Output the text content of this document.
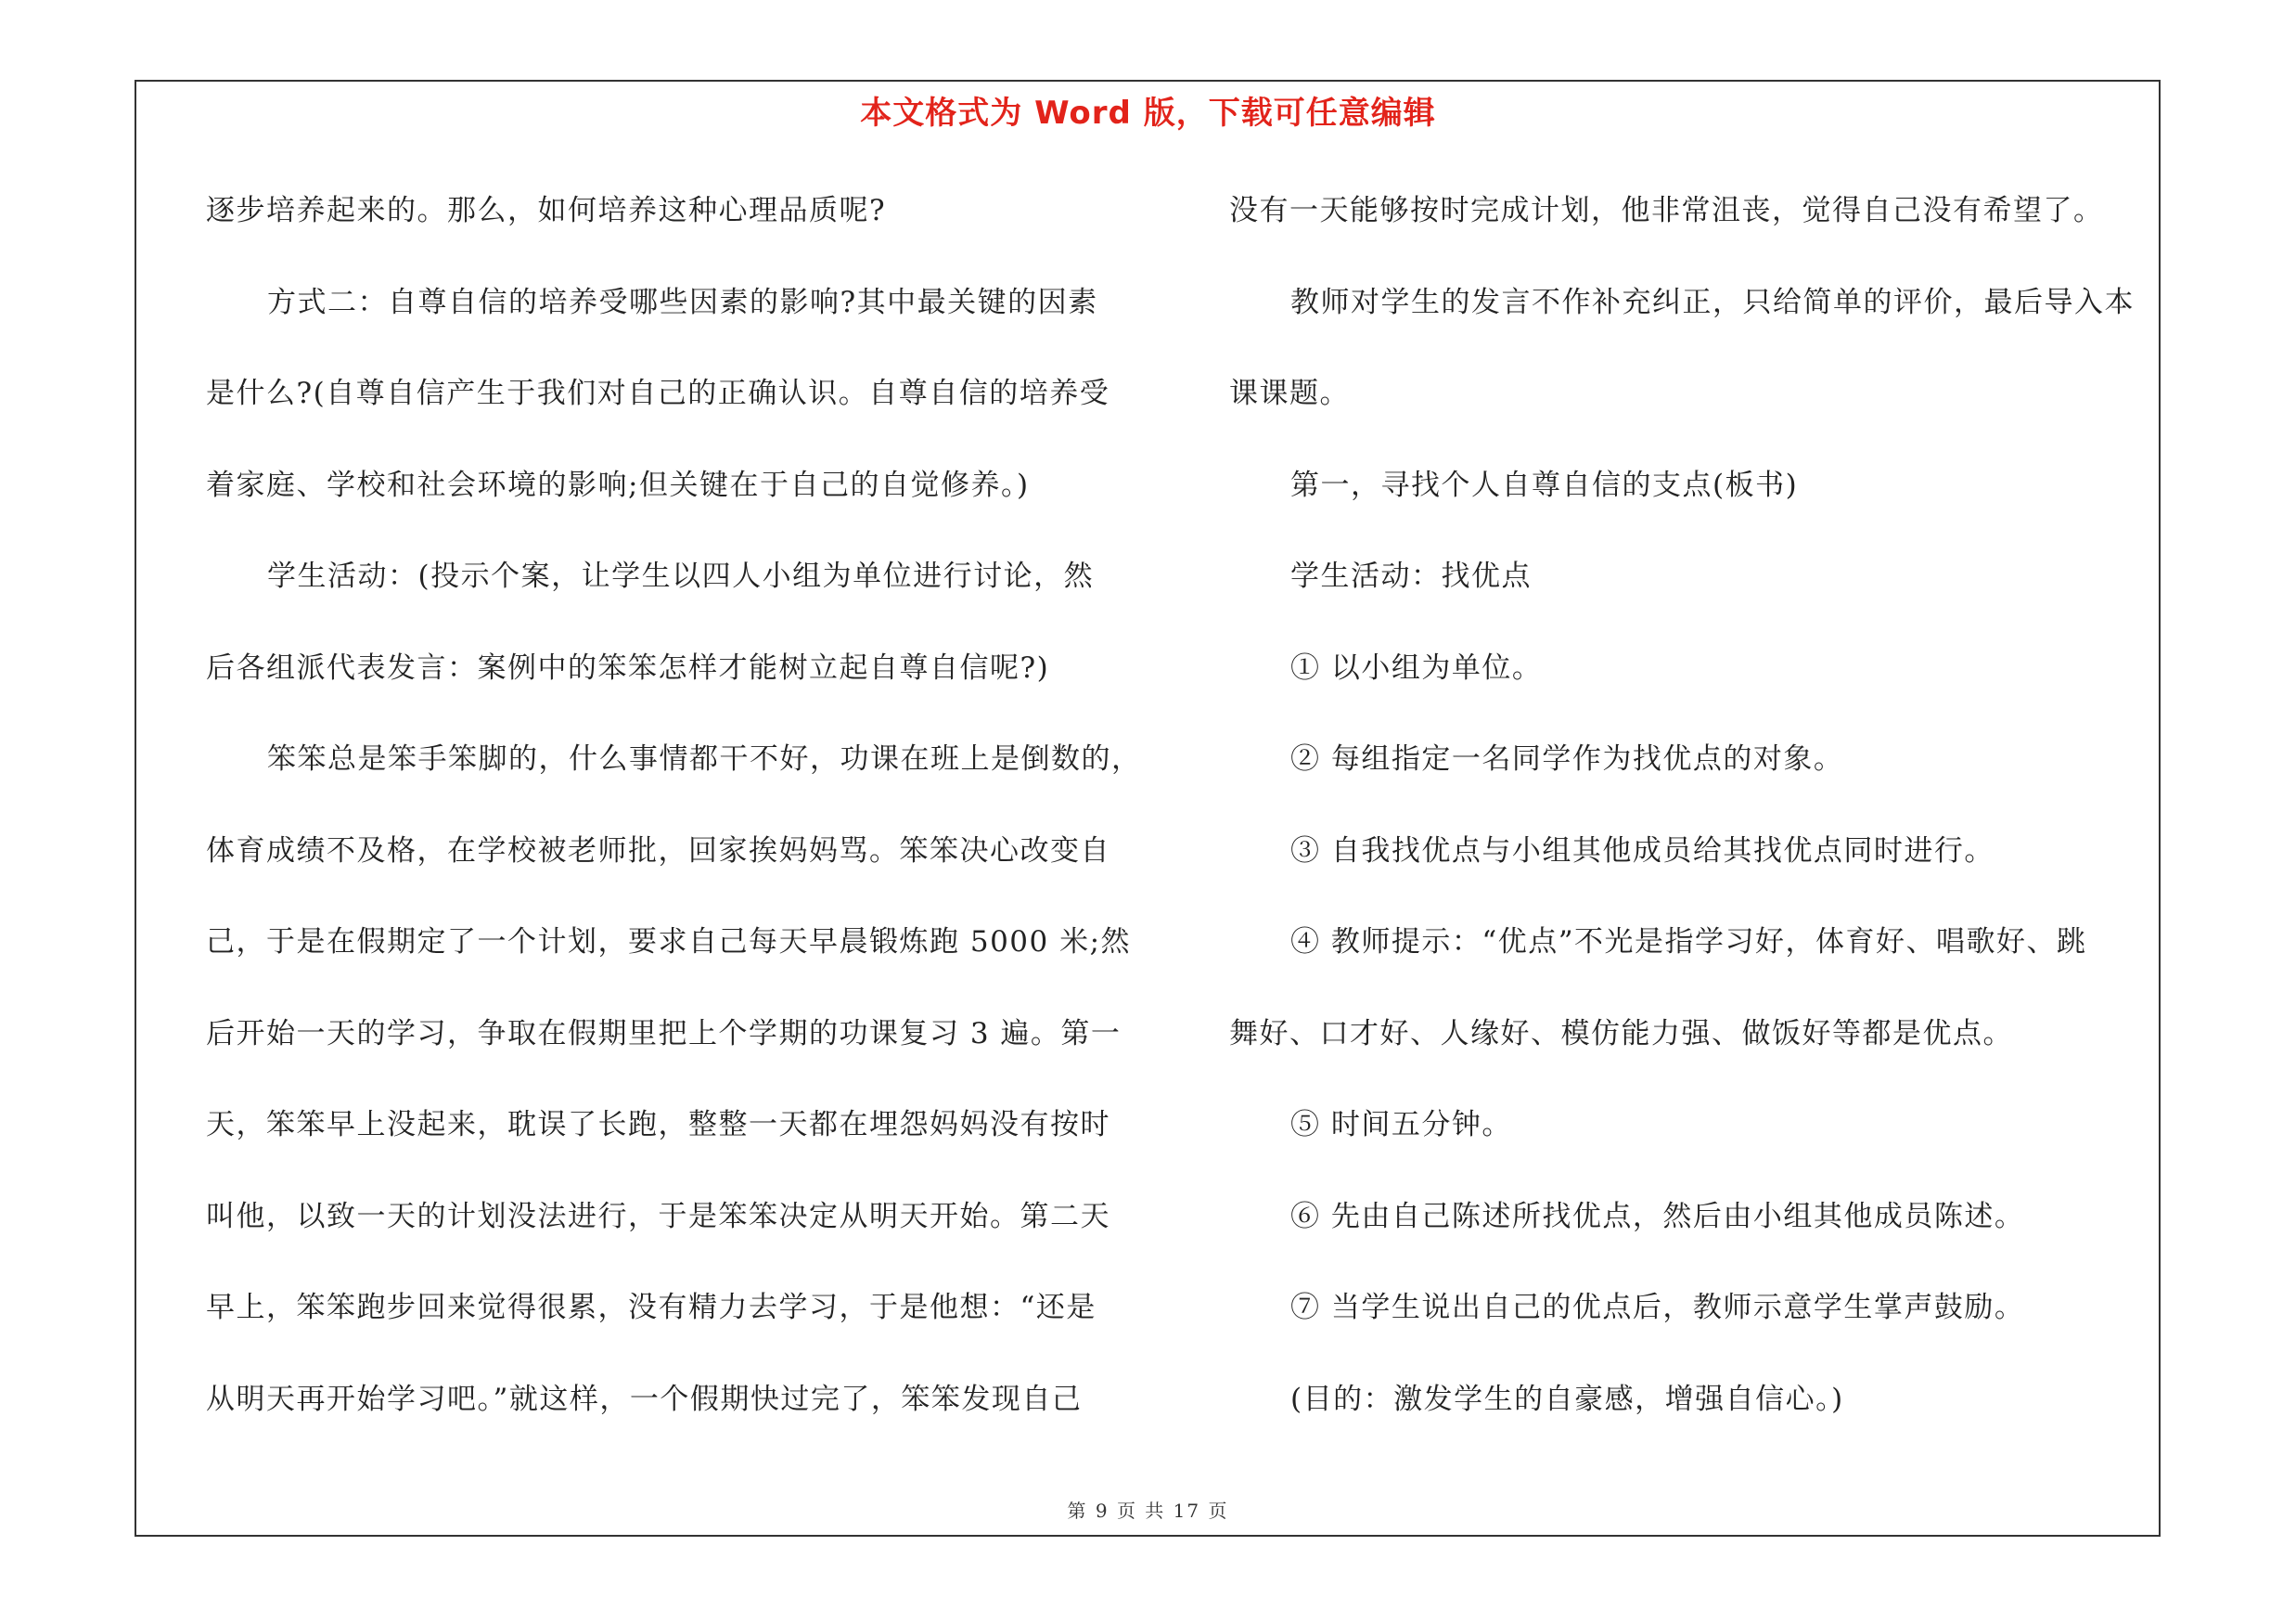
本文格式为 Word 版，下载可任意编辑

逐步培养起来的。那么，如何培养这种心理品质呢?

方式二：自尊自信的培养受哪些因素的影响?其中最关键的因素

是什么?(自尊自信产生于我们对自己的正确认识。自尊自信的培养受

着家庭、学校和社会环境的影响;但关键在于自己的自觉修养。)

学生活动：(投示个案，让学生以四人小组为单位进行讨论，然

后各组派代表发言：案例中的笨笨怎样才能树立起自尊自信呢?)

笨笨总是笨手笨脚的，什么事情都干不好，功课在班上是倒数的，

体育成绩不及格，在学校被老师批，回家挨妈妈骂。笨笨决心改变自

己，于是在假期定了一个计划，要求自己每天早晨锻炼跑 5000 米;然

后开始一天的学习，争取在假期里把上个学期的功课复习 3 遍。第一

天，笨笨早上没起来，耽误了长跑，整整一天都在埋怨妈妈没有按时

叫他，以致一天的计划没法进行，于是笨笨决定从明天开始。第二天

早上，笨笨跑步回来觉得很累，没有精力去学习，于是他想：“还是

从明天再开始学习吧。”就这样，一个假期快过完了，笨笨发现自己

没有一天能够按时完成计划，他非常沮丧，觉得自己没有希望了。

教师对学生的发言不作补充纠正，只给简单的评价，最后导入本

课课题。

第一，寻找个人自尊自信的支点(板书)

学生活动：找优点

① 以小组为单位。

② 每组指定一名同学作为找优点的对象。

③ 自我找优点与小组其他成员给其找优点同时进行。

④ 教师提示：“优点”不光是指学习好，体育好、唱歌好、跳

舞好、口才好、人缘好、模仿能力强、做饭好等都是优点。

⑤ 时间五分钟。

⑥ 先由自己陈述所找优点，然后由小组其他成员陈述。

⑦ 当学生说出自己的优点后，教师示意学生掌声鼓励。

(目的：激发学生的自豪感，增强自信心。)

第 9 页 共 17 页
